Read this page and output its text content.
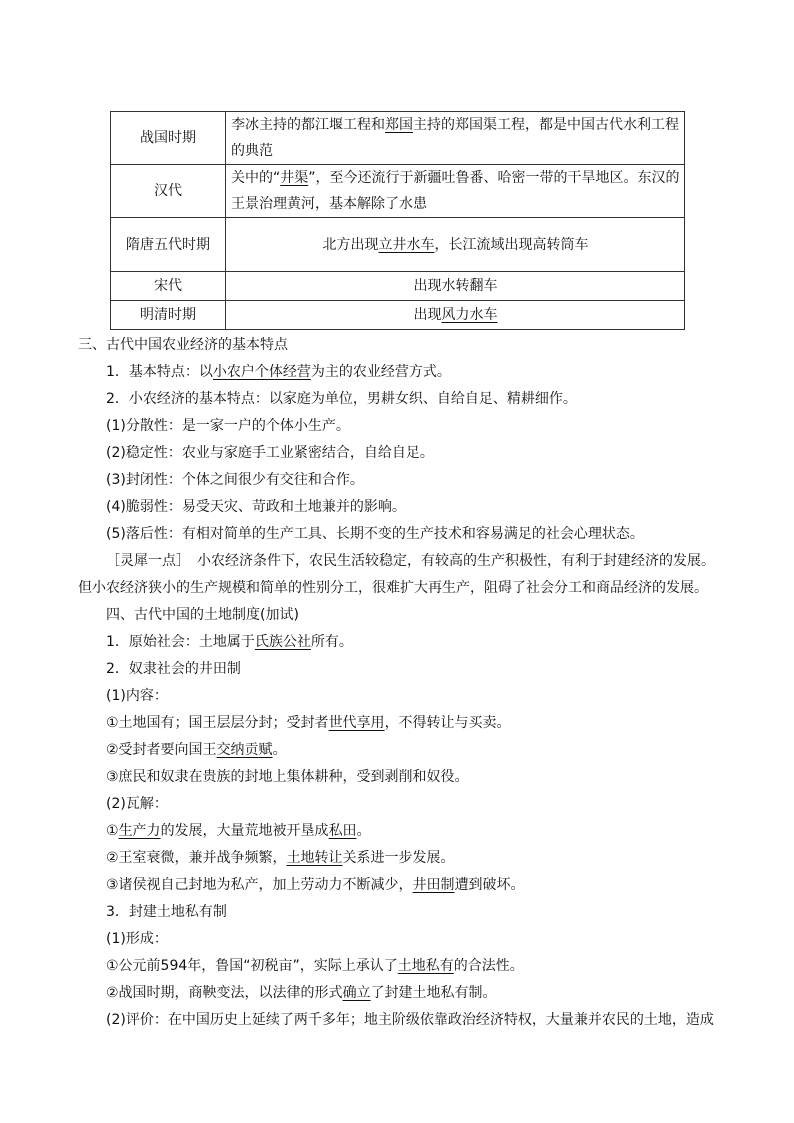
战国时期	李冰主持的都江堰工程和郑国主持的郑国渠工程，都是中国古代水利工程的典范
汉代	关中的“井渠”，至今还流行于新疆吐鲁番、哈密一带的干旱地区。东汉的王景治理黄河，基本解除了水患
隋唐五代时期	北方出现立井水车，长江流域出现高转筒车
宋代	出现水转翻车
明清时期	出现风力水车
三、古代中国农业经济的基本特点
1．基本特点：以小农户个体经营为主的农业经营方式。
2．小农经济的基本特点：以家庭为单位，男耕女织、自给自足、精耕细作。
(1)分散性：是一家一户的个体小生产。
(2)稳定性：农业与家庭手工业紧密结合，自给自足。
(3)封闭性：个体之间很少有交往和合作。
(4)脆弱性：易受天灾、苛政和土地兼并的影响。
(5)落后性：有相对简单的生产工具、长期不变的生产技术和容易满足的社会心理状态。
［灵犀一点］　小农经济条件下，农民生活较稳定，有较高的生产积极性，有利于封建经济的发展。但小农经济狭小的生产规模和简单的性别分工，很难扩大再生产，阻碍了社会分工和商品经济的发展。
四、古代中国的土地制度(加试)
1．原始社会：土地属于氏族公社所有。
2．奴隶社会的井田制
(1)内容：
①土地国有；国王层层分封；受封者世代享用，不得转让与买卖。
②受封者要向国王交纳贡赋。
③庶民和奴隶在贵族的封地上集体耕种，受到剥削和奴役。
(2)瓦解：
①生产力的发展，大量荒地被开垦成私田。
②王室衰微，兼并战争频繁，土地转让关系进一步发展。
③诸侯视自己封地为私产，加上劳动力不断减少，井田制遭到破坏。
3．封建土地私有制
(1)形成：
①公元前594年，鲁国“初税亩”，实际上承认了土地私有的合法性。
②战国时期，商鞅变法，以法律的形式确立了封建土地私有制。
(2)评价：在中国历史上延续了两千多年；地主阶级依靠政治经济特权，大量兼并农民的土地，造成
